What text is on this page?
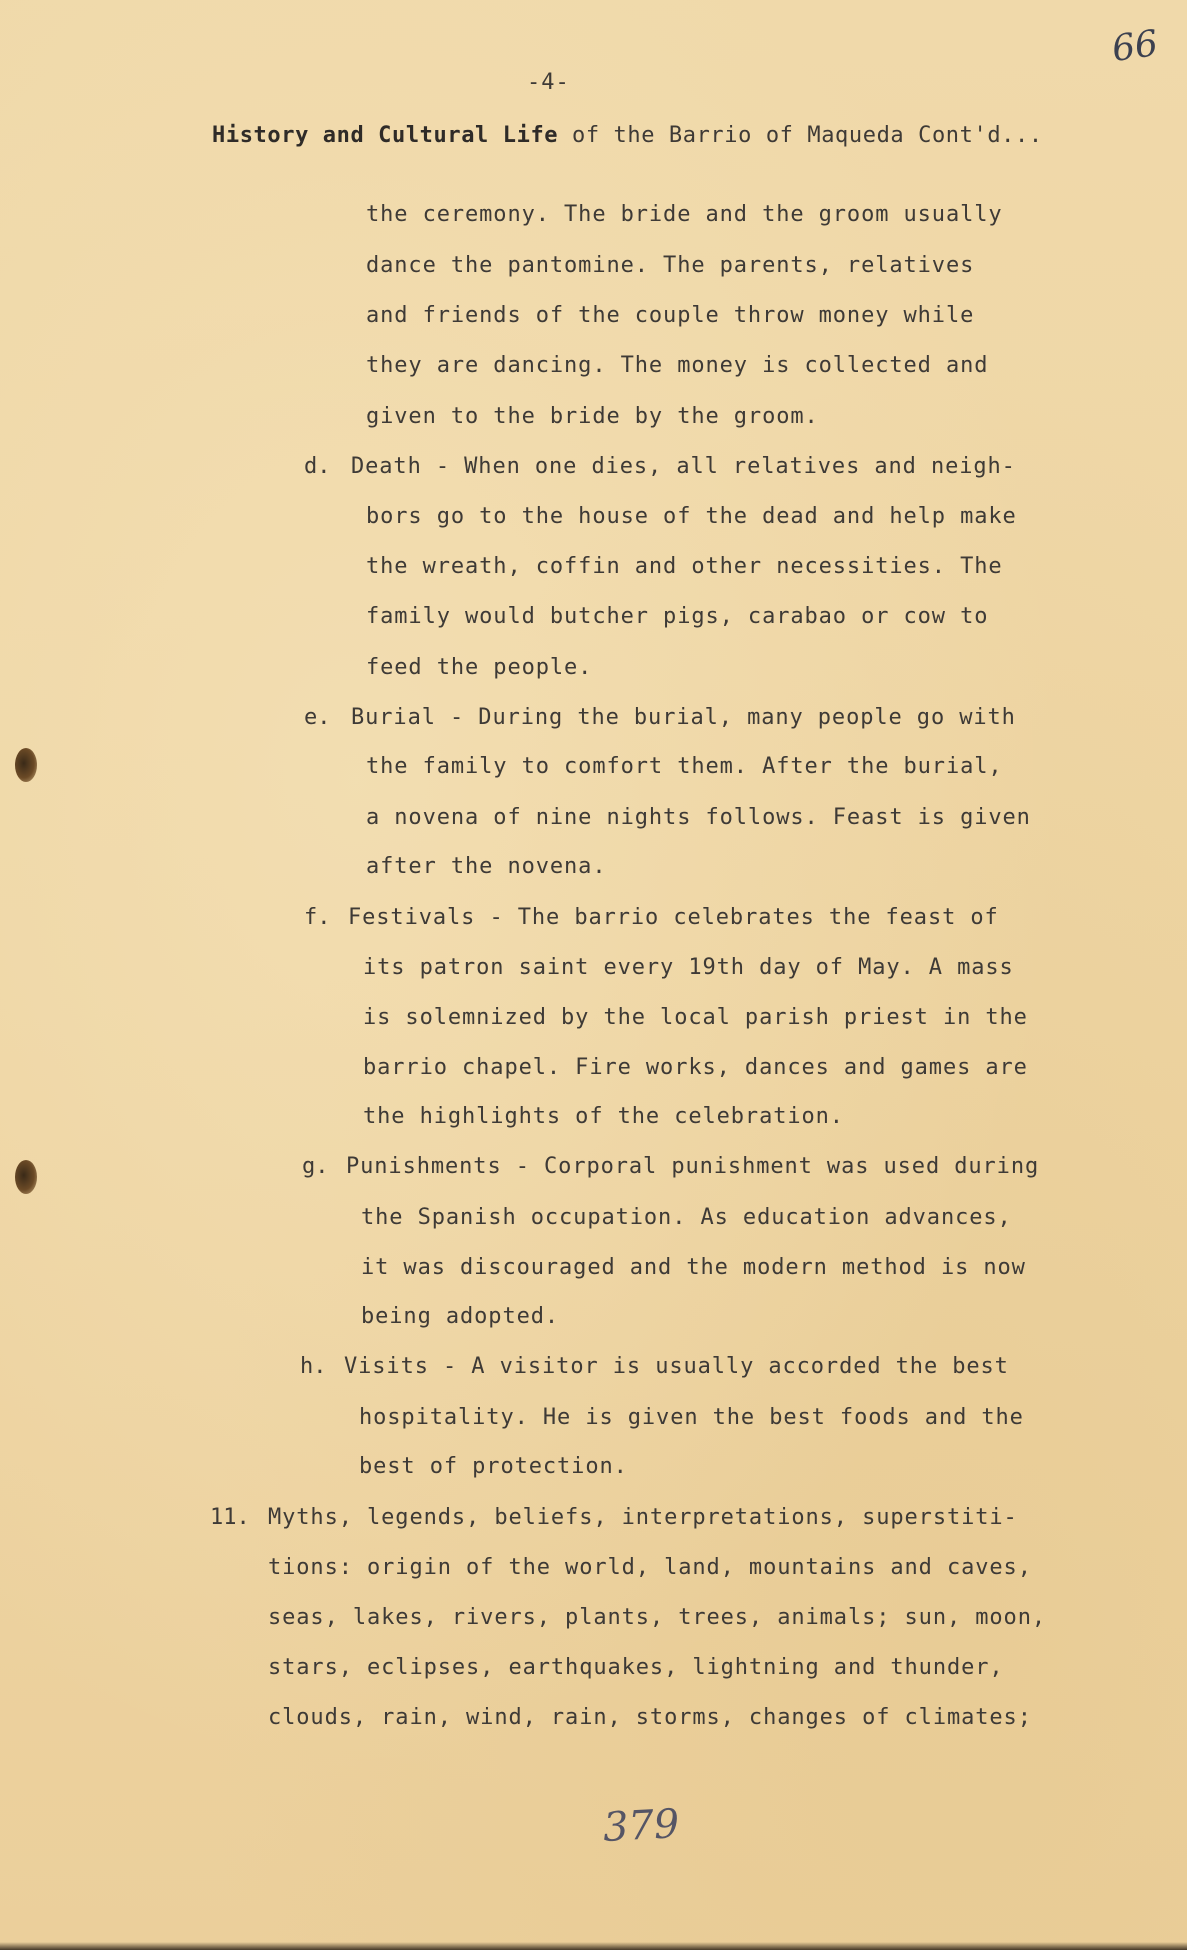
66
-4-
History and Cultural Life of the Barrio of Maqueda Cont'd...
the ceremony. The bride and the groom usually
dance the pantomine. The parents, relatives
and friends of the couple throw money while
they are dancing. The money is collected and
given to the bride by the groom.
d. Death - When one dies, all relatives and neigh-
bors go to the house of the dead and help make
the wreath, coffin and other necessities. The
family would butcher pigs, carabao or cow to
feed the people.
e. Burial - During the burial, many people go with
the family to comfort them. After the burial,
a novena of nine nights follows. Feast is given
after the novena.
f. Festivals - The barrio celebrates the feast of
its patron saint every 19th day of May. A mass
is solemnized by the local parish priest in the
barrio chapel. Fire works, dances and games are
the highlights of the celebration.
g. Punishments - Corporal punishment was used during
the Spanish occupation. As education advances,
it was discouraged and the modern method is now
being adopted.
h. Visits - A visitor is usually accorded the best
hospitality. He is given the best foods and the
best of protection.
11. Myths, legends, beliefs, interpretations, superstiti-
tions: origin of the world, land, mountains and caves,
seas, lakes, rivers, plants, trees, animals; sun, moon,
stars, eclipses, earthquakes, lightning and thunder,
clouds, rain, wind, rain, storms, changes of climates;
379
